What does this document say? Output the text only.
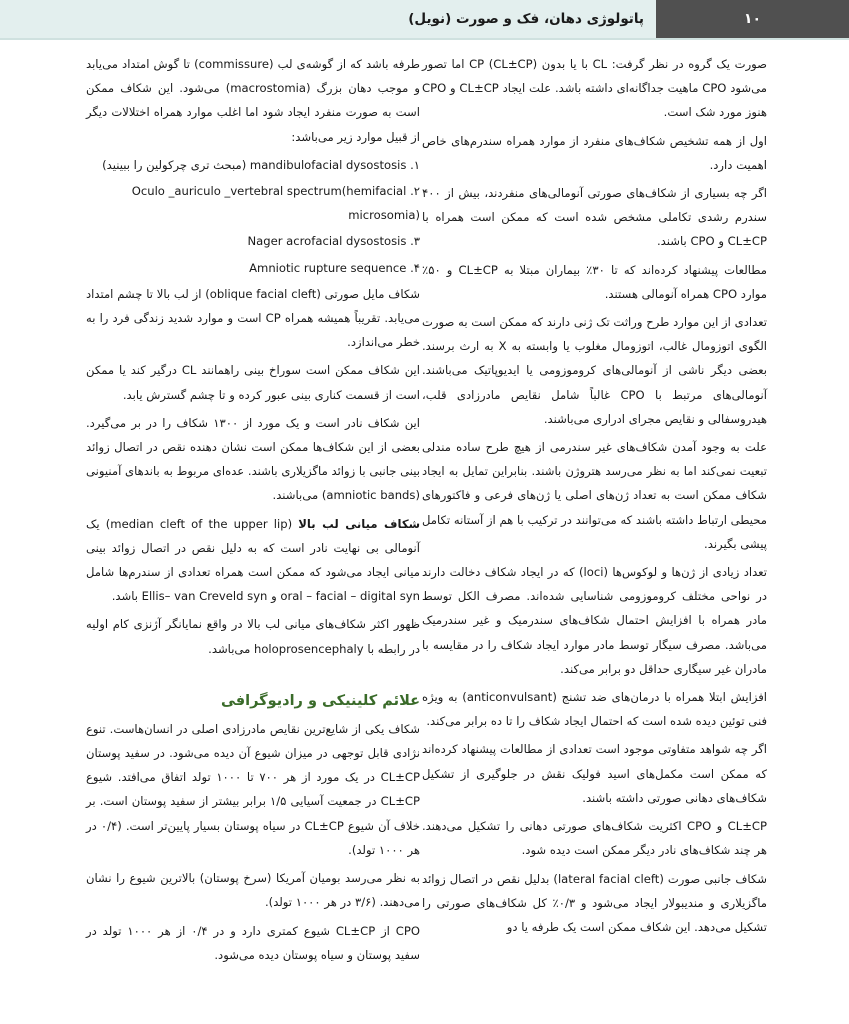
پاتولوژی دهان، فک و صورت (نویل)	۱۰

صورت یک گروه در نظر گرفت: CL با یا بدون CP (CL±CP) اما تصور می‌شود CPO ماهیت جداگانه‌ای داشته باشد. علت ایجاد CL±CP و CPO هنوز مورد شک است.

اول از همه تشخیص شکاف‌های منفرد از موارد همراه سندرم‌های خاص اهمیت دارد.

اگر چه بسیاری از شکاف‌های صورتی آنومالی‌های منفردند، بیش از ۴۰۰ سندرم رشدی تکاملی مشخص شده است که ممکن است همراه با CL±CP و CPO باشند.

مطالعات پیشنهاد کرده‌اند که تا ۳۰٪ بیماران مبتلا به CL±CP و ۵۰٪ موارد CPO همراه آنومالی هستند.

تعدادی از این موارد طرح وراثت تک ژنی دارند که ممکن است به صورت الگوی اتوزومال غالب، اتوزومال مغلوب یا وابسته به X به ارث برسند. بعضی دیگر ناشی از آنومالی‌های کروموزومی یا ایدیوپاتیک می‌باشند. آنومالی‌های مرتبط با CPO غالباً شامل نقایص مادرزادی قلب، هیدروسفالی و نقایص مجرای ادراری می‌باشند.

علت به وجود آمدن شکاف‌های غیر سندرمی از هیچ طرح ساده مندلی تبعیت نمی‌کند اما به نظر می‌رسد هتروژن باشند. بنابراین تمایل به ایجاد شکاف ممکن است به تعداد ژن‌های اصلی یا ژن‌های فرعی و فاکتورهای محیطی ارتباط داشته باشند که می‌توانند در ترکیب با هم از آستانه تکامل پیشی بگیرند.

تعداد زیادی از ژن‌ها و لوکوس‌ها (loci) که در ایجاد شکاف دخالت دارند در نواحی مختلف کروموزومی شناسایی شده‌اند. مصرف الکل توسط مادر همراه با افزایش احتمال شکاف‌های سندرمیک و غیر سندرمیک می‌باشد. مصرف سیگار توسط مادر موارد ایجاد شکاف را در مقایسه با مادران غیر سیگاری حداقل دو برابر می‌کند.

افزایش ابتلا همراه با درمان‌های ضد تشنج (anticonvulsant) به ویژه فنی توئین دیده شده است که احتمال ایجاد شکاف را تا ده برابر می‌کند.

اگر چه شواهد متفاوتی موجود است تعدادی از مطالعات پیشنهاد کرده‌اند که ممکن است مکمل‌های اسید فولیک نقش در جلوگیری از تشکیل شکاف‌های دهانی صورتی داشته باشند.

CL±CP و CPO اکثریت شکاف‌های صورتی دهانی را تشکیل می‌دهند. هر چند شکاف‌های نادر دیگر ممکن است دیده شود.

شکاف جانبی صورت (lateral facial cleft) بدلیل نقص در اتصال زوائد ماگزیلاری و مندیبولار ایجاد می‌شود و ۰/۳٪ کل شکاف‌های صورتی را تشکیل می‌دهد. این شکاف ممکن است یک طرفه یا دو

طرفه باشد که از گوشه‌ی لب (commissure) تا گوش امتداد می‌یابد و موجب دهان بزرگ (macrostomia) می‌شود. این شکاف ممکن است به صورت منفرد ایجاد شود اما اغلب موارد همراه اختلالات دیگر از قبیل موارد زیر می‌باشد:

۱. mandibulofacial dysostosis (مبحث تری چرکولین را ببینید)
۲. Oculo _auriculo _vertebral spectrum(hemifacial microsomia)
۳. Nager acrofacial dysostosis
۴. Amniotic rupture sequence

شکاف مایل صورتی (oblique facial cleft) از لب بالا تا چشم امتداد می‌یابد. تقریباً همیشه همراه CP است و موارد شدید زندگی فرد را به خطر می‌اندازد.

این شکاف ممکن است سوراخ بینی راهمانند CL درگیر کند یا ممکن است از قسمت کناری بینی عبور کرده و تا چشم گسترش یابد.

این شکاف نادر است و یک مورد از ۱۳۰۰ شکاف را در بر می‌گیرد. بعضی از این شکاف‌ها ممکن است نشان دهنده نقص در اتصال زوائد بینی جانبی با زوائد ماگزیلاری باشند. عده‌ای مربوط به باندهای آمنیونی (amniotic bands) می‌باشند.

شکاف میانی لب بالا (median cleft of the upper lip) یک آنومالی بی نهایت نادر است که به دلیل نقص در اتصال زوائد بینی میانی ایجاد می‌شود که ممکن است همراه تعدادی از سندرم‌ها شامل oral – facial – digital syn و Ellis– van Creveld syn باشد.

ظهور اکثر شکاف‌های میانی لب بالا در واقع نمایانگر آژنزی کام اولیه در رابطه با holoprosencephaly می‌باشد.

علائم کلینیکی و رادیوگرافی

شکاف یکی از شایع‌ترین نقایص مادرزادی اصلی در انسان‌هاست. تنوع نژادی قابل توجهی در میزان شیوع آن دیده می‌شود. در سفید پوستان CL±CP در یک مورد از هر ۷۰۰ تا ۱۰۰۰ تولد اتفاق می‌افتد. شیوع CL±CP در جمعیت آسیایی ۱/۵ برابر بیشتر از سفید پوستان است. بر خلاف آن شیوع CL±CP در سیاه پوستان بسیار پایین‌تر است. (۰/۴ در هر ۱۰۰۰ تولد).

به نظر می‌رسد بومیان آمریکا (سرخ پوستان) بالاترین شیوع را نشان می‌دهند. (۳/۶ در هر ۱۰۰۰ تولد).

CPO از CL±CP شیوع کمتری دارد و در ۰/۴ از هر ۱۰۰۰ تولد در سفید پوستان و سیاه پوستان دیده می‌شود.
